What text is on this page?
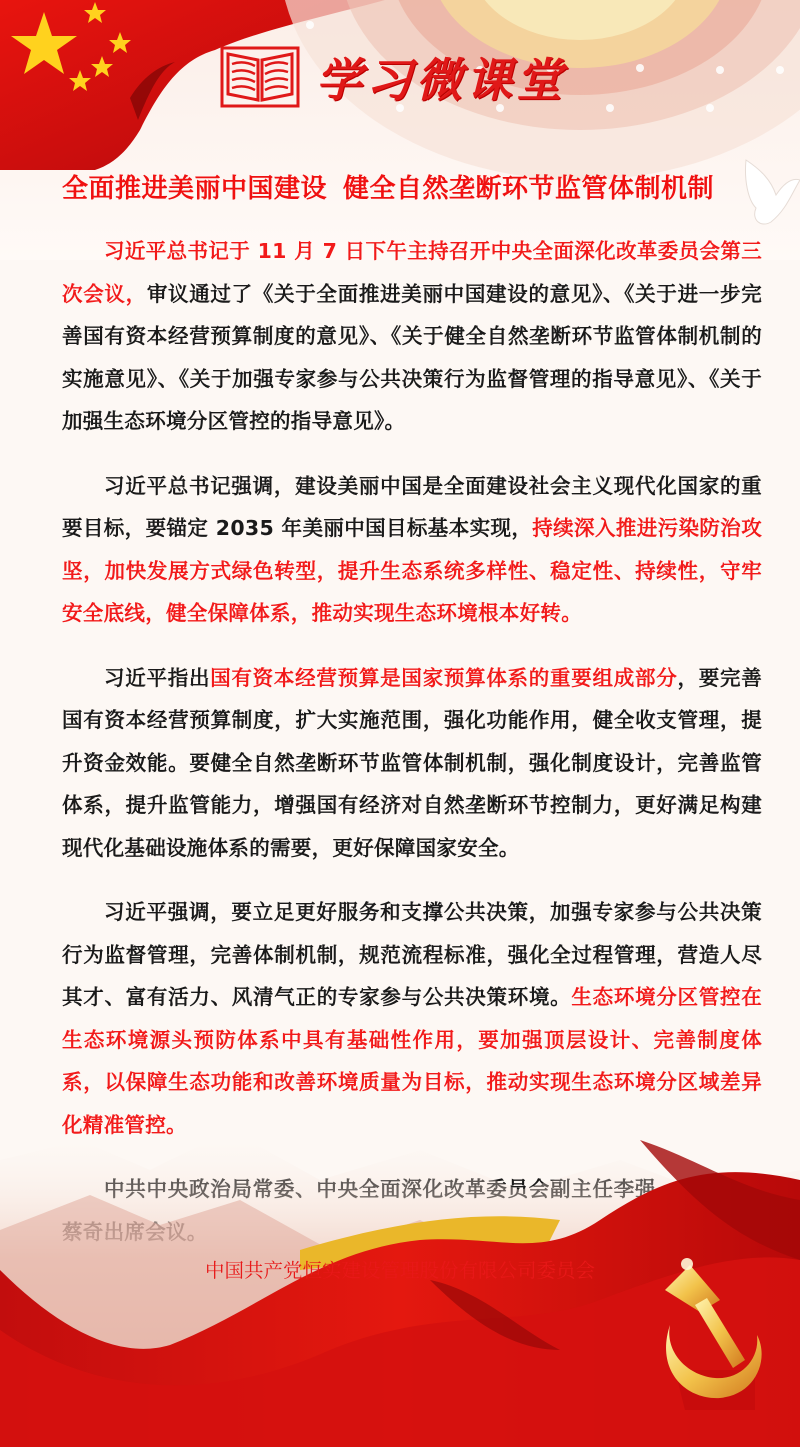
学习微课堂
全面推进美丽中国建设 健全自然垄断环节监管体制机制

习近平总书记于 11 月 7 日下午主持召开中央全面深化改革委员会第三次会议，审议通过了《关于全面推进美丽中国建设的意见》、《关于进一步完善国有资本经营预算制度的意见》、《关于健全自然垄断环节监管体制机制的实施意见》、《关于加强专家参与公共决策行为监督管理的指导意见》、《关于加强生态环境分区管控的指导意见》。

习近平总书记强调，建设美丽中国是全面建设社会主义现代化国家的重要目标，要锚定 2035 年美丽中国目标基本实现，持续深入推进污染防治攻坚，加快发展方式绿色转型，提升生态系统多样性、稳定性、持续性，守牢安全底线，健全保障体系，推动实现生态环境根本好转。

习近平指出国有资本经营预算是国家预算体系的重要组成部分，要完善国有资本经营预算制度，扩大实施范围，强化功能作用，健全收支管理，提升资金效能。要健全自然垄断环节监管体制机制，强化制度设计，完善监管体系，提升监管能力，增强国有经济对自然垄断环节控制力，更好满足构建现代化基础设施体系的需要，更好保障国家安全。

习近平强调，要立足更好服务和支撑公共决策，加强专家参与公共决策行为监督管理，完善体制机制，规范流程标准，强化全过程管理，营造人尽其才、富有活力、风清气正的专家参与公共决策环境。生态环境分区管控在生态环境源头预防体系中具有基础性作用，要加强顶层设计、完善制度体系，以保障生态功能和改善环境质量为目标，推动实现生态环境分区域差异化精准管控。

中国共产党恒实建设管理股份有限公司委员会
